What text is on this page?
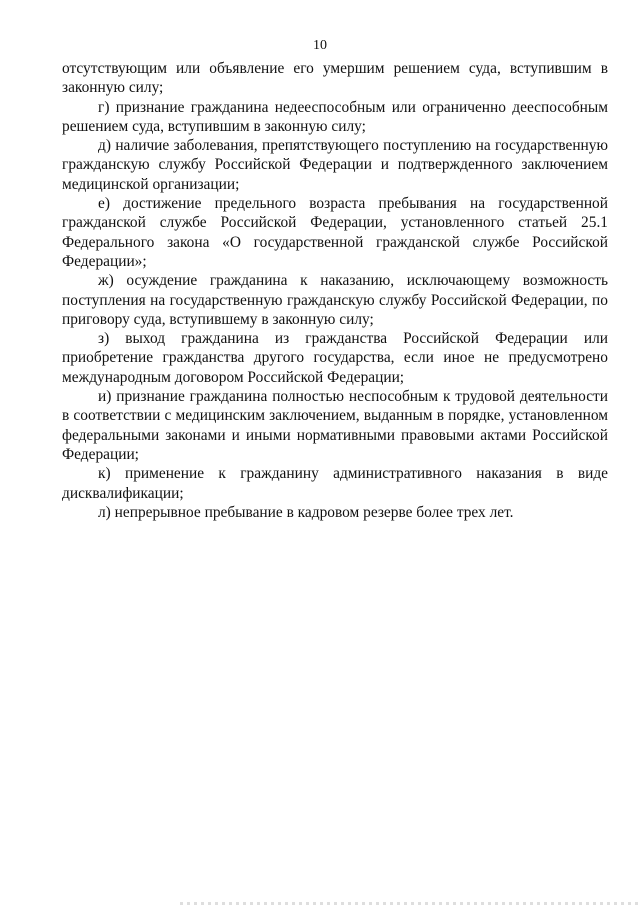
10

отсутствующим или объявление его умершим решением суда, вступившим в законную силу;

г) признание гражданина недееспособным или ограниченно дееспособным решением суда, вступившим в законную силу;

д) наличие заболевания, препятствующего поступлению на государственную гражданскую службу Российской Федерации и подтвержденного заключением медицинской организации;

е) достижение предельного возраста пребывания на государственной гражданской службе Российской Федерации, установленного статьей 25.1 Федерального закона «О государственной гражданской службе Российской Федерации»;

ж) осуждение гражданина к наказанию, исключающему возможность поступления на государственную гражданскую службу Российской Федерации, по приговору суда, вступившему в законную силу;

з) выход гражданина из гражданства Российской Федерации или приобретение гражданства другого государства, если иное не предусмотрено международным договором Российской Федерации;

и) признание гражданина полностью неспособным к трудовой деятельности в соответствии с медицинским заключением, выданным в порядке, установленном федеральными законами и иными нормативными правовыми актами Российской Федерации;

к) применение к гражданину административного наказания в виде дисквалификации;

л) непрерывное пребывание в кадровом резерве более трех лет.
